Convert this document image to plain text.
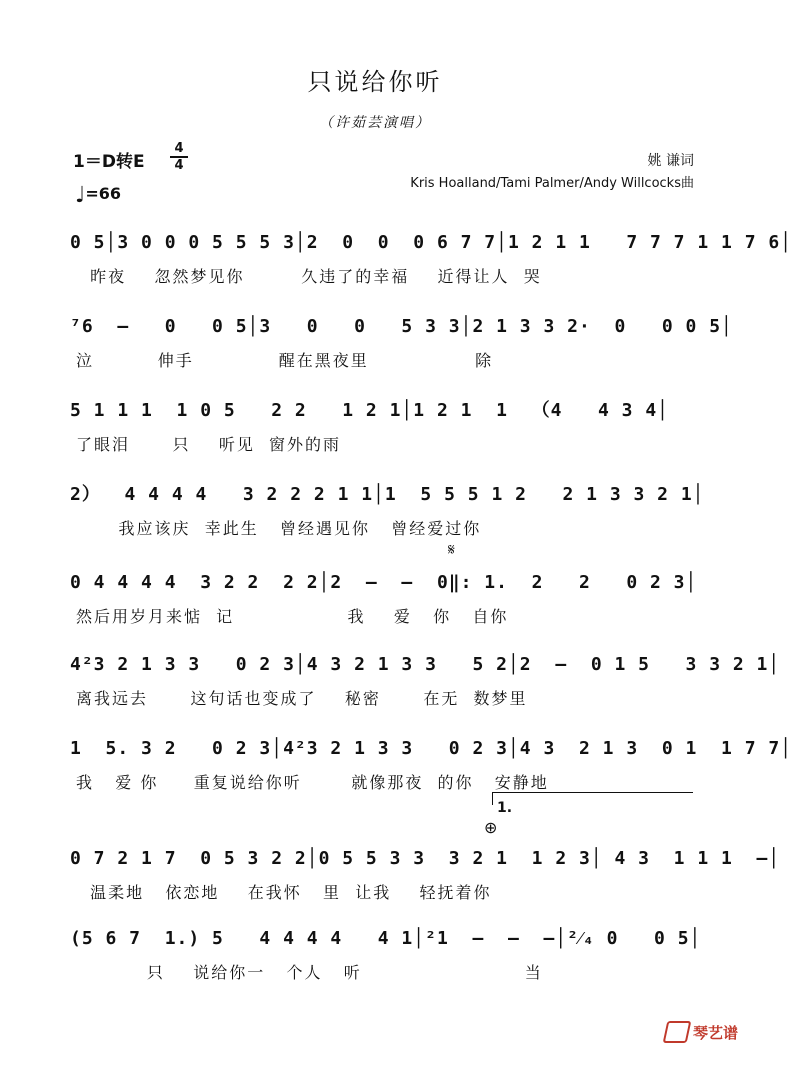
只说给你听
（许茹芸演唱）
1＝D转E
4
4
♩=66
姚 谦词
Kris Hoalland/Tami Palmer/Andy Willcocks曲
0 5│3 0 0 0 5 5 5 3│2  0  0  0 6 7 7│1 2 1 1   7 7 7 1 1 7 6│
昨夜    忽然梦见你        久违了的幸福    近得让人  哭
⁷6  –   0   0 5│3   0   0   5 3 3│2 1 3 3 2·  0   0 0 5│
泣         伸手            醒在黑夜里               除
5 1 1 1  1 0 5   2 2   1 2 1│1 2 1  1  （4   4 3 4│
了眼泪      只    听见  窗外的雨
2）  4 4 4 4   3 2 2 2 1 1│1  5 5 5 1 2   2 1 3 3 2 1│
我应该庆  幸此生   曾经遇见你   曾经爱过你
0 4 4 4 4  3 2 2  2 2│2  –  –  0‖: 1.  2   2   0 2 3│
然后用岁月来惦  记                我    爱   你   自你
4²3 2 1 3 3   0 2 3│4 3 2 1 3 3   5 2│2  –  0 1 5   3 3 2 1│
离我远去      这句话也变成了    秘密      在无  数梦里
1  5. 3 2   0 2 3│4²3 2 1 3 3   0 2 3│4 3  2 1 3  0 1  1 7 7│
我   爱 你     重复说给你听       就像那夜  的你   安静地
0 7 2 1 7  0 5 3 2 2│0 5 5 3 3  3 2 1  1 2 3│ 4 3  1 1 1  –│
温柔地   依恋地    在我怀   里  让我    轻抚着你
(5 6 7  1.) 5   4 4 4 4   4 1│²1  –  –  –│²⁄₄ 0   0 5│
只    说给你一   个人   听                       当
𝄋
1.
⊕
琴艺谱
